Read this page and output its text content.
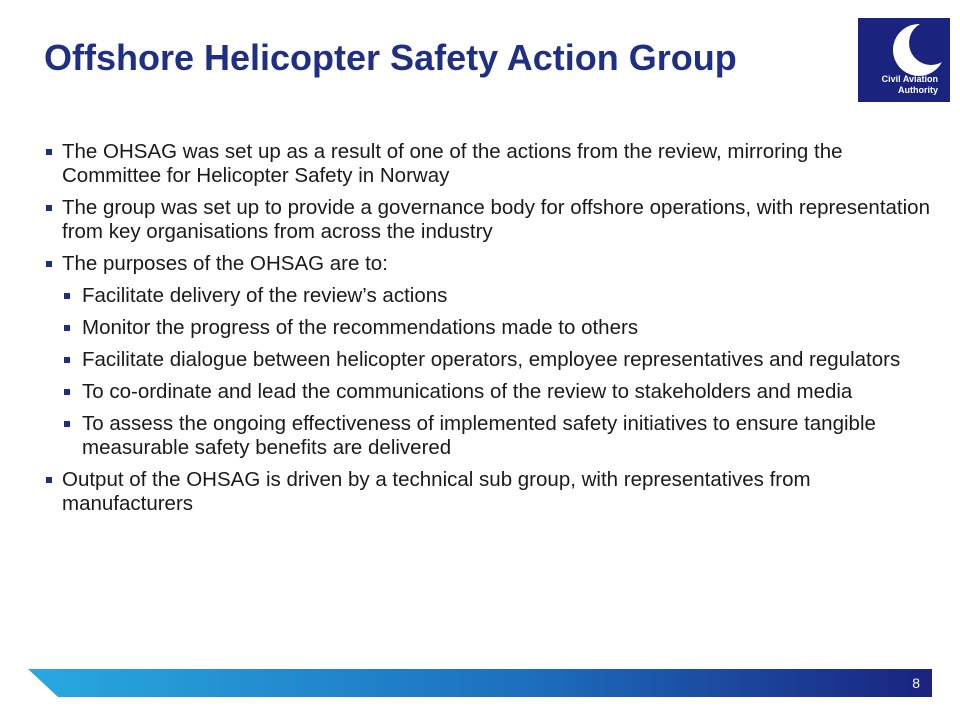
Offshore Helicopter Safety Action Group
Civil Aviation
Authority
The OHSAG was set up as a result of one of the actions from the review, mirroring the Committee for Helicopter Safety in Norway
The group was set up to provide a governance body for offshore operations, with representation from key organisations from across the industry
The purposes of the OHSAG are to:
Facilitate delivery of the review’s actions
Monitor the progress of the recommendations made to others
Facilitate dialogue between helicopter operators, employee representatives and regulators
To co-ordinate and lead the communications of the review to stakeholders and media
To assess the ongoing effectiveness of implemented safety initiatives to ensure tangible measurable safety benefits are delivered
Output of the OHSAG is driven by a technical sub group, with representatives from manufacturers
8
